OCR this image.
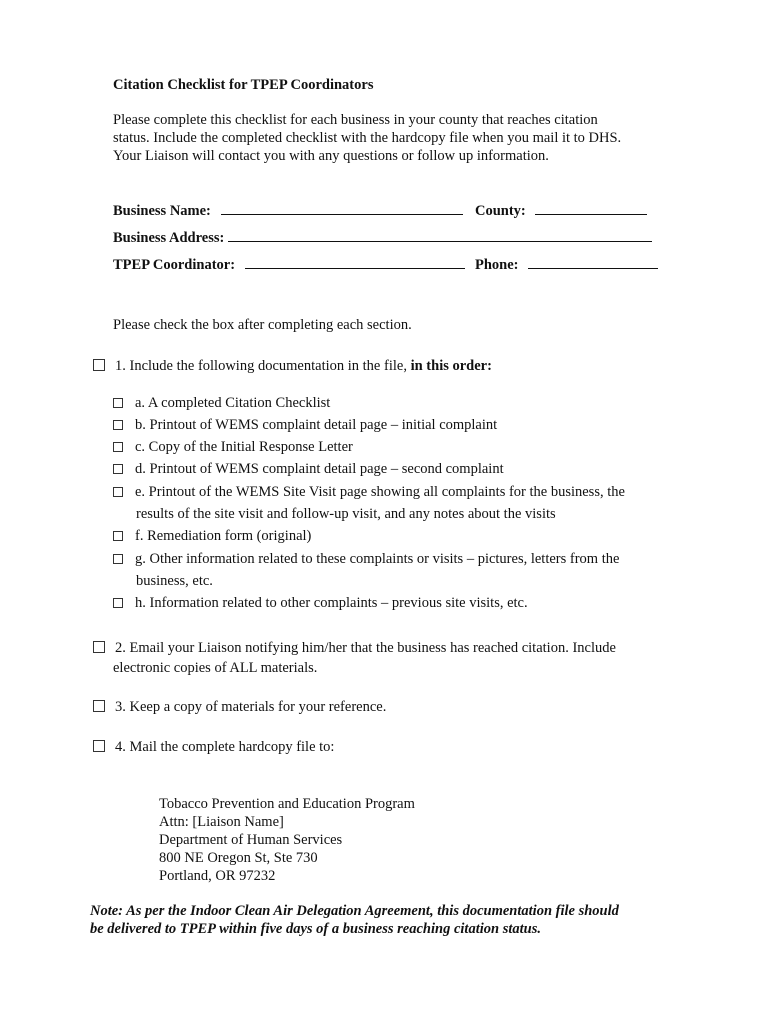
Citation Checklist for TPEP Coordinators
Please complete this checklist for each business in your county that reaches citation
status. Include the completed checklist with the hardcopy file when you mail it to DHS.
Your Liaison will contact you with any questions or follow up information.
Business Name:	County:
Business Address:
TPEP Coordinator:	Phone:
Please check the box after completing each section.
1. Include the following documentation in the file, in this order:
a. A completed Citation Checklist
b. Printout of WEMS complaint detail page – initial complaint
c. Copy of the Initial Response Letter
d. Printout of WEMS complaint detail page – second complaint
e. Printout of the WEMS Site Visit page showing all complaints for the business, the
results of the site visit and follow-up visit, and any notes about the visits
f. Remediation form (original)
g. Other information related to these complaints or visits – pictures, letters from the
business, etc.
h. Information related to other complaints – previous site visits, etc.
2. Email your Liaison notifying him/her that the business has reached citation. Include
electronic copies of ALL materials.
3. Keep a copy of materials for your reference.
4. Mail the complete hardcopy file to:
Tobacco Prevention and Education Program
Attn: [Liaison Name]
Department of Human Services
800 NE Oregon St, Ste 730
Portland, OR 97232
Note: As per the Indoor Clean Air Delegation Agreement, this documentation file should
be delivered to TPEP within five days of a business reaching citation status.
